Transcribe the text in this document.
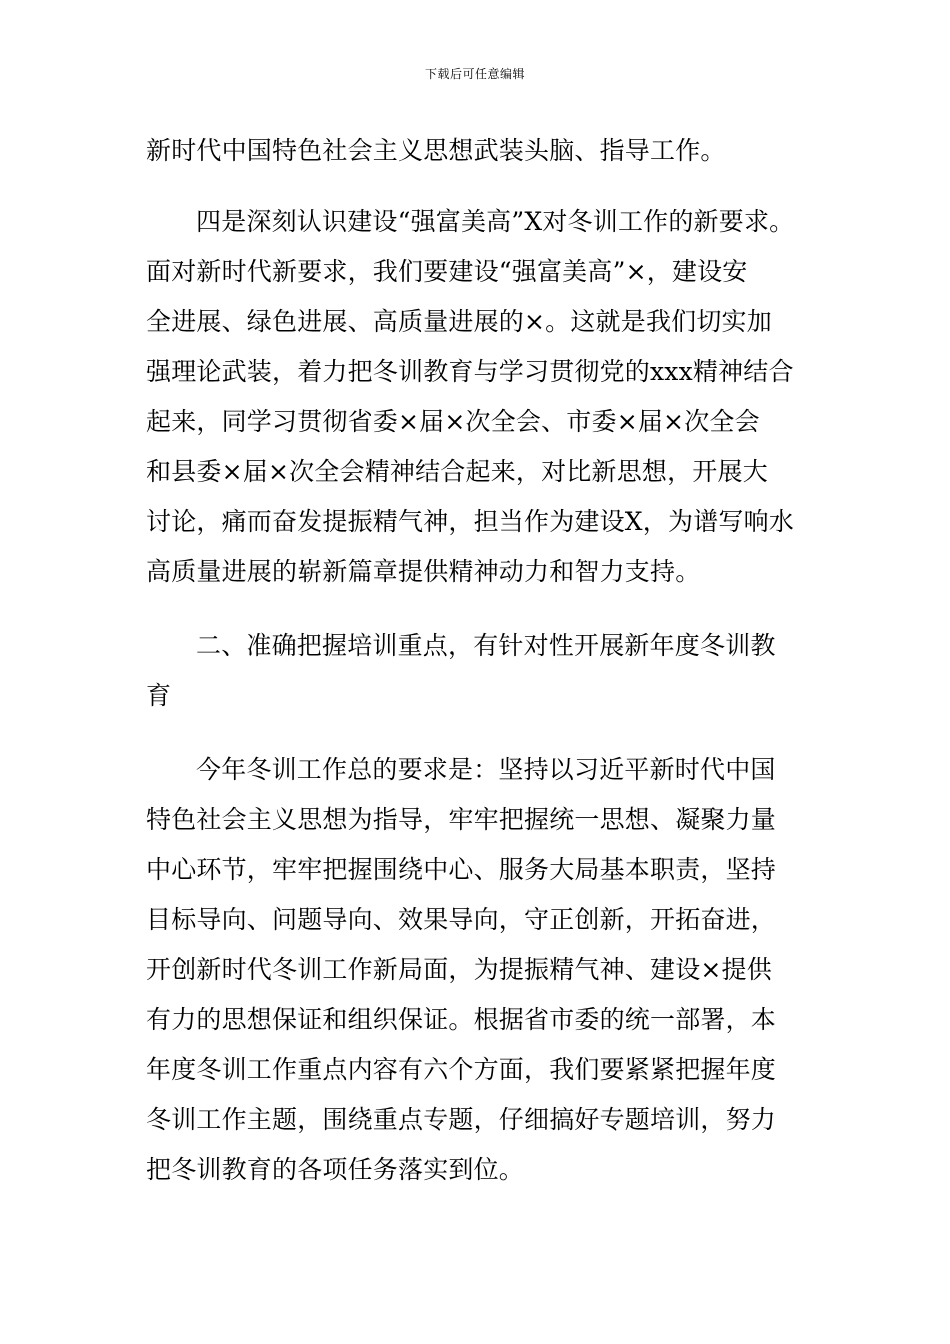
下载后可任意编辑
新时代中国特色社会主义思想武装头脑、指导工作。
四是深刻认识建设“强富美高”X对冬训工作的新要求。
面对新时代新要求，我们要建设“强富美高”×，建设安
全进展、绿色进展、高质量进展的×。这就是我们切实加
强理论武装，着力把冬训教育与学习贯彻党的xxx精神结合
起来，同学习贯彻省委×届×次全会、市委×届×次全会
和县委×届×次全会精神结合起来，对比新思想，开展大
讨论，痛而奋发提振精气神，担当作为建设X，为谱写响水
高质量进展的崭新篇章提供精神动力和智力支持。
二、准确把握培训重点，有针对性开展新年度冬训教
育
今年冬训工作总的要求是：坚持以习近平新时代中国
特色社会主义思想为指导，牢牢把握统一思想、凝聚力量
中心环节，牢牢把握围绕中心、服务大局基本职责，坚持
目标导向、问题导向、效果导向，守正创新，开拓奋进，
开创新时代冬训工作新局面，为提振精气神、建设×提供
有力的思想保证和组织保证。根据省市委的统一部署，本
年度冬训工作重点内容有六个方面，我们要紧紧把握年度
冬训工作主题，围绕重点专题，仔细搞好专题培训，努力
把冬训教育的各项任务落实到位。
